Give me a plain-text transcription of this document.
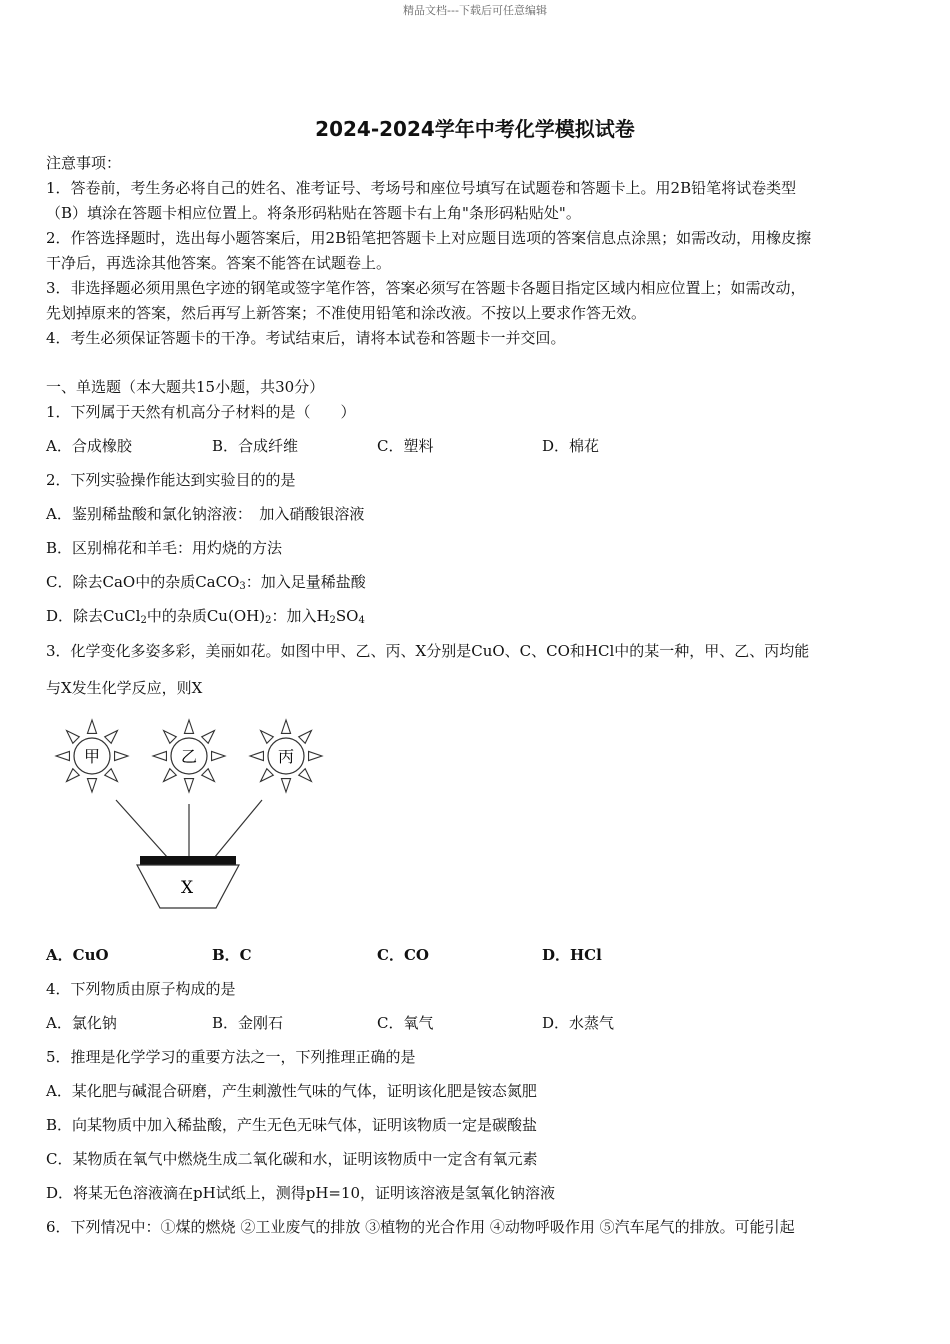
精品文档---下载后可任意编辑
2024-2024学年中考化学模拟试卷
注意事项：
1．答卷前，考生务必将自己的姓名、准考证号、考场号和座位号填写在试题卷和答题卡上。用2B铅笔将试卷类型
（B）填涂在答题卡相应位置上。将条形码粘贴在答题卡右上角"条形码粘贴处"。
2．作答选择题时，选出每小题答案后，用2B铅笔把答题卡上对应题目选项的答案信息点涂黑；如需改动，用橡皮擦
干净后，再选涂其他答案。答案不能答在试题卷上。
3．非选择题必须用黑色字迹的钢笔或签字笔作答，答案必须写在答题卡各题目指定区域内相应位置上；如需改动，
先划掉原来的答案，然后再写上新答案；不准使用铅笔和涂改液。不按以上要求作答无效。
4．考生必须保证答题卡的干净。考试结束后，请将本试卷和答题卡一并交回。
一、单选题（本大题共15小题，共30分）
1．下列属于天然有机高分子材料的是（　　）
A．合成橡胶	B．合成纤维	C．塑料	D．棉花
2．下列实验操作能达到实验目的的是
A．鉴别稀盐酸和氯化钠溶液：　加入硝酸银溶液
B．区别棉花和羊毛：用灼烧的方法
C．除去CaO中的杂质CaCO$_3$：加入足量稀盐酸
D．除去CuCl$_2$中的杂质$Cu(OH)_2$：加入$H_2SO_4$
3．化学变化多姿多彩，美丽如花。如图中甲、乙、丙、X分别是CuO、C、CO和HCl中的某一种，甲、乙、丙均能
与X发生化学反应，则X
甲	乙	丙
X
A．CuO	B．C	C．CO	D．HCl
4．下列物质由原子构成的是
A．氯化钠	B．金刚石	C．氧气	D．水蒸气
5．推理是化学学习的重要方法之一，下列推理正确的是
A．某化肥与碱混合研磨，产生刺激性气味的气体，证明该化肥是铵态氮肥
B．向某物质中加入稀盐酸，产生无色无味气体，证明该物质一定是碳酸盐
C．某物质在氧气中燃烧生成二氧化碳和水，证明该物质中一定含有氧元素
D．将某无色溶液滴在pH试纸上，测得pH=10，证明该溶液是氢氧化钠溶液
6．下列情况中：①煤的燃烧 ②工业废气的排放 ③植物的光合作用 ④动物呼吸作用 ⑤汽车尾气的排放。可能引起
